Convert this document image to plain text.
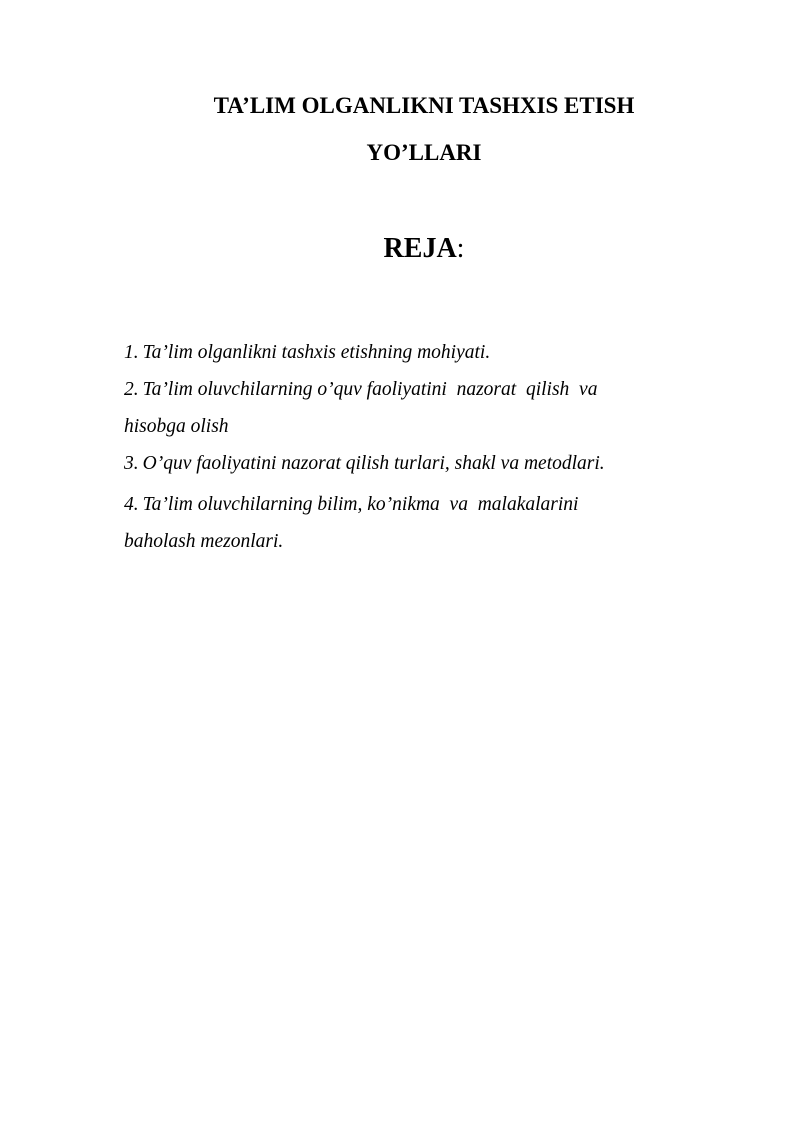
TA’LIM OLGANLIKNI TASHXIS ETISH
YO’LLARI
REJA:

1. Ta’lim olganlikni tashxis etishning mohiyati.

2. Ta’lim oluvchilarning o’quv faoliyatini  nazorat  qilish  va
hisobga olish

3. O’quv faoliyatini nazorat qilish turlari, shakl va metodlari.

4. Ta’lim oluvchilarning bilim, ko’nikma  va  malakalarini
baholash mezonlari.
